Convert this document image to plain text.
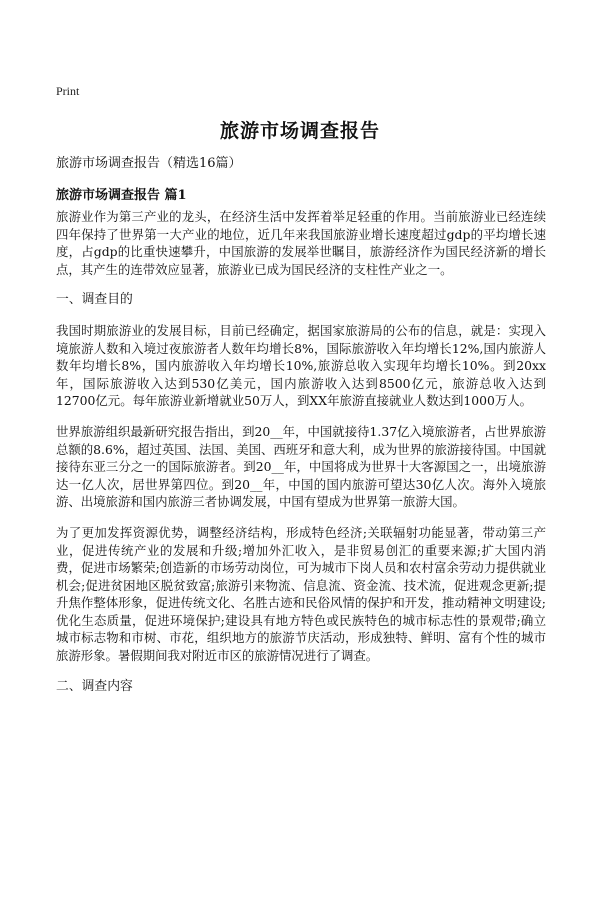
Print
旅游市场调查报告

旅游市场调查报告（精选16篇）

旅游市场调查报告 篇1

旅游业作为第三产业的龙头，在经济生活中发挥着举足轻重的作用。当前旅游业已经连续四年保持了世界第一大产业的地位，近几年来我国旅游业增长速度超过gdp的平均增长速度，占gdp的比重快速攀升，中国旅游的发展举世瞩目，旅游经济作为国民经济新的增长点，其产生的连带效应显著，旅游业已成为国民经济的支柱性产业之一。

一、调查目的

我国时期旅游业的发展目标，目前已经确定，据国家旅游局的公布的信息，就是：实现入境旅游人数和入境过夜旅游者人数年均增长8%，国际旅游收入年均增长12%,国内旅游人数年均增长8%，国内旅游收入年均增长10%,旅游总收入实现年均增长10%。到20xx年，国际旅游收入达到530亿美元，国内旅游收入达到8500亿元，旅游总收入达到12700亿元。每年旅游业新增就业50万人，到XX年旅游直接就业人数达到1000万人。

世界旅游组织最新研究报告指出，到20__年，中国就接待1.37亿入境旅游者，占世界旅游总额的8.6%，超过英国、法国、美国、西班牙和意大利，成为世界的旅游接待国。中国就接待东亚三分之一的国际旅游者。到20__年，中国将成为世界十大客源国之一，出境旅游达一亿人次，居世界第四位。到20__年，中国的国内旅游可望达30亿人次。海外入境旅游、出境旅游和国内旅游三者协调发展，中国有望成为世界第一旅游大国。

为了更加发挥资源优势，调整经济结构，形成特色经济;关联辐射功能显著，带动第三产业，促进传统产业的发展和升级;增加外汇收入，是非贸易创汇的重要来源;扩大国内消费，促进市场繁荣;创造新的市场劳动岗位，可为城市下岗人员和农村富余劳动力提供就业机会;促进贫困地区脱贫致富;旅游引来物流、信息流、资金流、技术流，促进观念更新;提升焦作整体形象，促进传统文化、名胜古迹和民俗风情的保护和开发，推动精神文明建设;优化生态质量，促进环境保护;建设具有地方特色或民族特色的城市标志性的景观带;确立城市标志物和市树、市花，组织地方的旅游节庆活动，形成独特、鲜明、富有个性的城市旅游形象。暑假期间我对附近市区的旅游情况进行了调查。

二、调查内容
